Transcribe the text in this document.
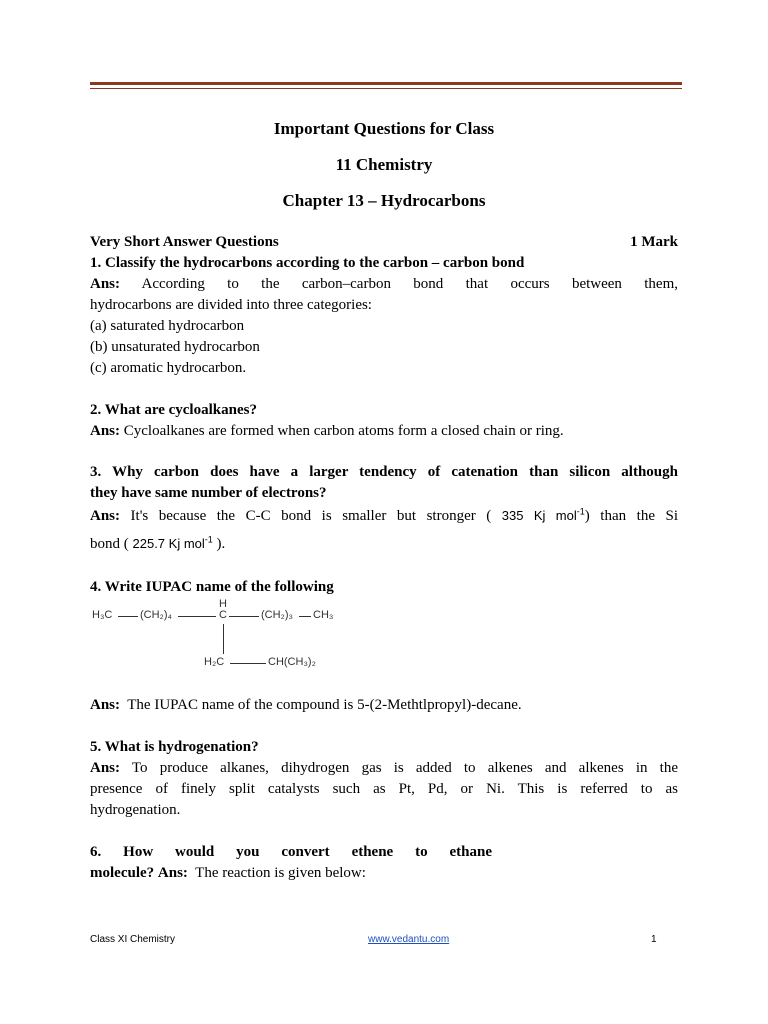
Important Questions for Class
11 Chemistry
Chapter 13 – Hydrocarbons
Very Short Answer Questions	1 Mark
1. Classify the hydrocarbons according to the carbon – carbon bond
Ans: According to the carbon–carbon bond that occurs between them,
hydrocarbons are divided into three categories:
(a) saturated hydrocarbon
(b) unsaturated hydrocarbon
(c) aromatic hydrocarbon.
2. What are cycloalkanes?
Ans: Cycloalkanes are formed when carbon atoms form a closed chain or ring.
3. Why carbon does have a larger tendency of catenation than silicon although
they have same number of electrons?
Ans: It's because the C-C bond is smaller but stronger ( 335 Kj mol$^{-1}$) than the Si
bond ( 225.7 Kj mol$^{-1}$ ).
4. Write IUPAC name of the following
H₃C	(CH₂)₄
H
C	(CH₂)₃ CH₃
H₂C	CH(CH₃)₂
Ans: The IUPAC name of the compound is 5-(2-Methtlpropyl)-decane.
5. What is hydrogenation?
Ans: To produce alkanes, dihydrogen gas is added to alkenes and alkenes in the
presence of finely split catalysts such as Pt, Pd, or Ni. This is referred to as
hydrogenation.
6. How would you convert ethene to ethane
molecule? Ans: The reaction is given below:
Class XI Chemistry	www.vedantu.com	1
